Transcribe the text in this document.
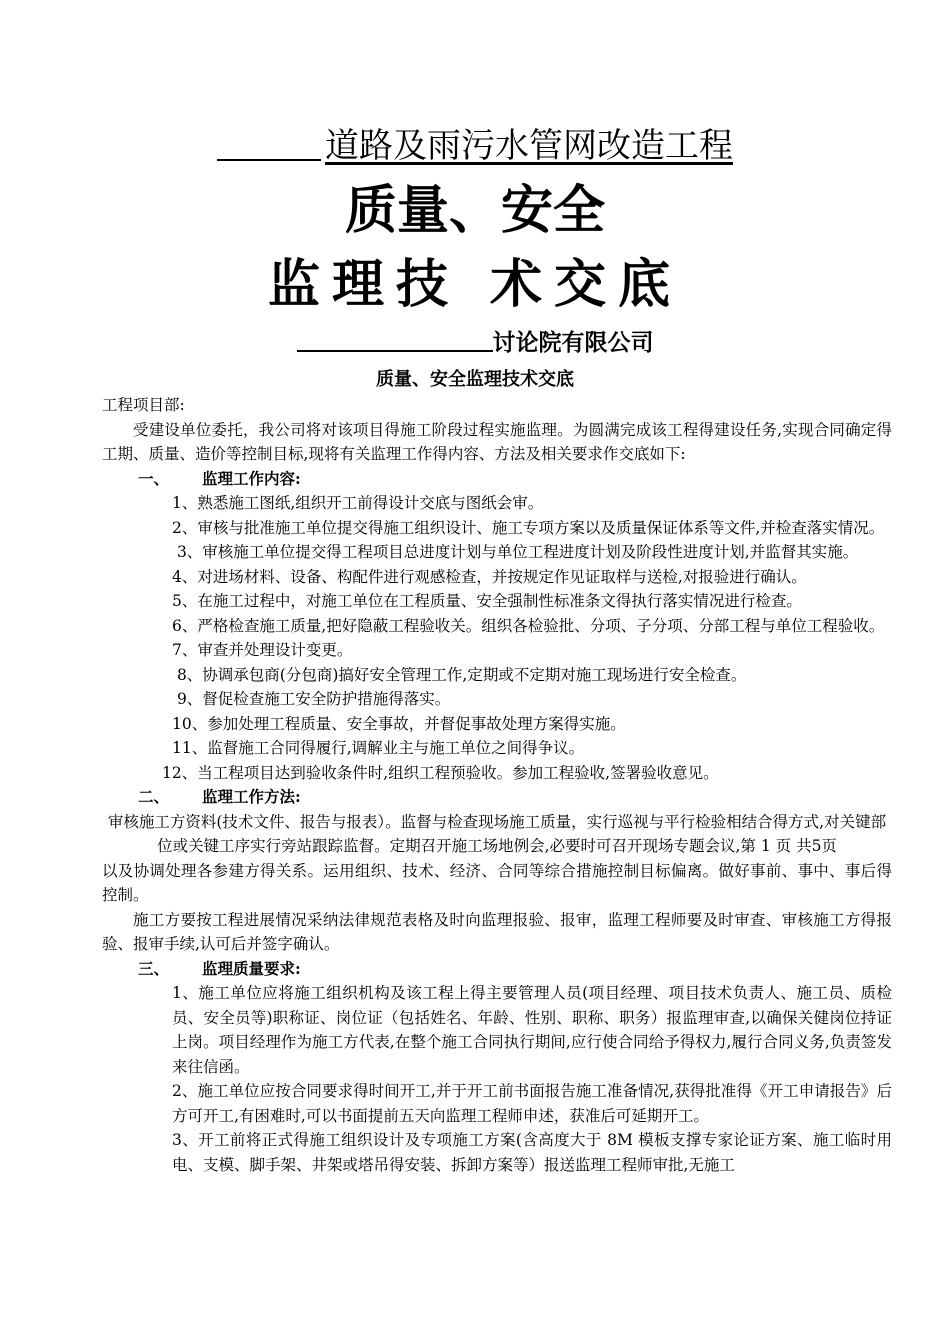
道路及雨污水管网改造工程
质量、安全
监理技 术交底
讨论院有限公司
质量、安全监理技术交底

工程项目部:

受建设单位委托，我公司将对该项目得施工阶段过程实施监理。为圆满完成该工程得建设任务,实现合同确定得工期、质量、造价等控制目标,现将有关监理工作得内容、方法及相关要求作交底如下:

一、 监理工作内容:

1、熟悉施工图纸,组织开工前得设计交底与图纸会审。

2、审核与批准施工单位提交得施工组织设计、施工专项方案以及质量保证体系等文件,并检查落实情况。

3、审核施工单位提交得工程项目总进度计划与单位工程进度计划及阶段性进度计划,并监督其实施。

4、对进场材料、设备、构配件进行观感检查，并按规定作见证取样与送检,对报验进行确认。

5、在施工过程中，对施工单位在工程质量、安全强制性标准条文得执行落实情况进行检查。

6、严格检查施工质量,把好隐蔽工程验收关。组织各检验批、分项、子分项、分部工程与单位工程验收。

7、审查并处理设计变更。

8、协调承包商(分包商)搞好安全管理工作,定期或不定期对施工现场进行安全检查。

9、督促检查施工安全防护措施得落实。

10、参加处理工程质量、安全事故，并督促事故处理方案得实施。

11、监督施工合同得履行,调解业主与施工单位之间得争议。

12、当工程项目达到验收条件时,组织工程预验收。参加工程验收,签署验收意见。

二、 监理工作方法:

审核施工方资料(技术文件、报告与报表）。监督与检查现场施工质量，实行巡视与平行检验相结合得方式,对关键部位或关键工序实行旁站跟踪监督。定期召开施工场地例会,必要时可召开现场专题会议,第 1 页 共5页

以及协调处理各参建方得关系。运用组织、技术、经济、合同等综合措施控制目标偏离。做好事前、事中、事后得控制。

施工方要按工程进展情况采纳法律规范表格及时向监理报验、报审，监理工程师要及时审查、审核施工方得报验、报审手续,认可后并签字确认。

三、 监理质量要求:

1、施工单位应将施工组织机构及该工程上得主要管理人员(项目经理、项目技术负责人、施工员、质检员、安全员等)职称证、岗位证（包括姓名、年龄、性别、职称、职务）报监理审查,以确保关健岗位持证上岗。项目经理作为施工方代表,在整个施工合同执行期间,应行使合同给予得权力,履行合同义务,负责签发来往信函。

2、施工单位应按合同要求得时间开工,并于开工前书面报告施工准备情况,获得批准得《开工申请报告》后方可开工,有困难时,可以书面提前五天向监理工程师申述，获准后可延期开工。

3、开工前将正式得施工组织设计及专项施工方案(含高度大于 8M 模板支撑专家论证方案、施工临时用电、支模、脚手架、井架或塔吊得安装、拆卸方案等）报送监理工程师审批,无施工
